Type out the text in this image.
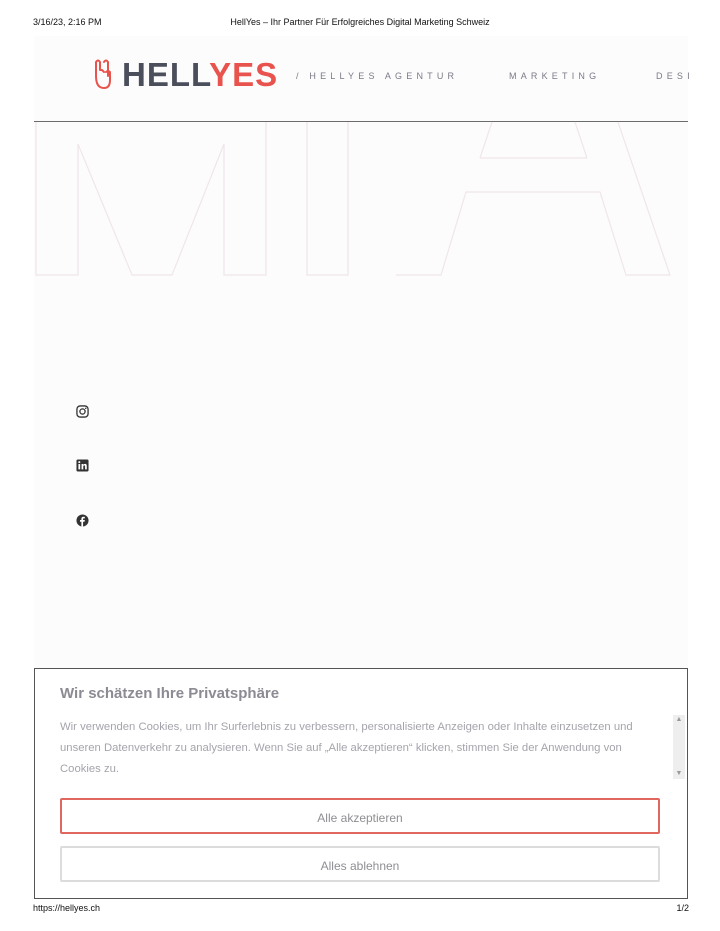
3/16/23, 2:16 PM	HellYes – Ihr Partner Für Erfolgreiches Digital Marketing Schweiz
HELLYES / HELLYES AGENTUR	MARKETING	DESI
Wir schätzen Ihre Privatsphäre
Wir verwenden Cookies, um Ihr Surferlebnis zu verbessern, personalisierte Anzeigen oder Inhalte einzusetzen und unseren Datenverkehr zu analysieren. Wenn Sie auf „Alle akzeptieren“ klicken, stimmen Sie der Anwendung von Cookies zu.
▲
▼
Alle akzeptieren
Alles ablehnen
https://hellyes.ch	1/2
